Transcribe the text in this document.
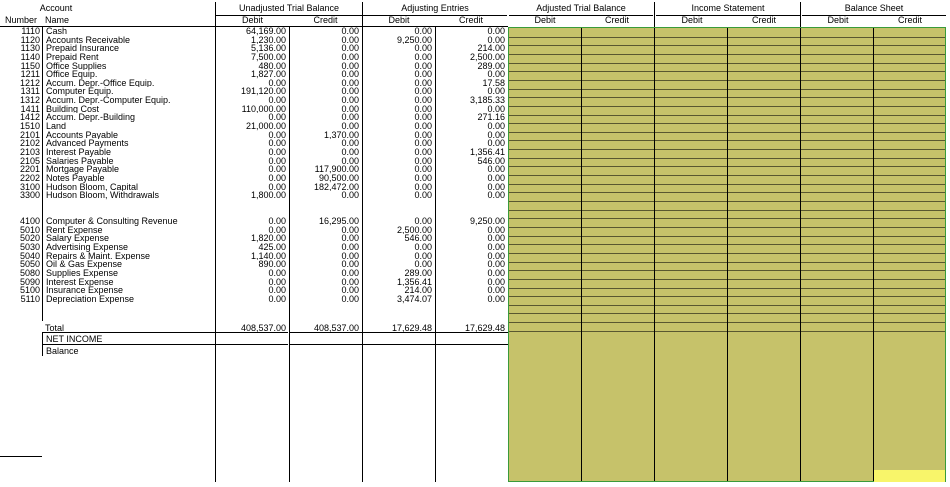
Account	Unadjusted Trial Balance	Adjusting Entries	Adjusted Trial Balance	Income Statement	Balance Sheet
Number Name	Debit	Credit	Debit	Credit	Debit	Credit	Debit	Credit	Debit	Credit
1110 Cash	64,169.00	0.00	0.00	0.00
1120 Accounts Receivable	1,230.00	0.00	9,250.00	0.00
1130 Prepaid Insurance	5,136.00	0.00	0.00	214.00
1140 Prepaid Rent	7,500.00	0.00	0.00	2,500.00
1150 Office Supplies	480.00	0.00	0.00	289.00
1211 Office Equip.	1,827.00	0.00	0.00	0.00
1212 Accum. Depr.-Office Equip.	0.00	0.00	0.00	17.58
1311 Computer Equip.	191,120.00	0.00	0.00	0.00
1312 Accum. Depr.-Computer Equip.	0.00	0.00	0.00	3,185.33
1411 Building Cost	110,000.00	0.00	0.00	0.00
1412 Accum. Depr.-Building	0.00	0.00	0.00	271.16
1510 Land	21,000.00	0.00	0.00	0.00
2101 Accounts Payable	0.00	1,370.00	0.00	0.00
2102 Advanced Payments	0.00	0.00	0.00	0.00
2103 Interest Payable	0.00	0.00	0.00	1,356.41
2105 Salaries Payable	0.00	0.00	0.00	546.00
2201 Mortgage Payable	0.00	117,900.00	0.00	0.00
2202 Notes Payable	0.00	90,500.00	0.00	0.00
3100 Hudson Bloom, Capital	0.00	182,472.00	0.00	0.00
3300 Hudson Bloom, Withdrawals	1,800.00	0.00	0.00	0.00
4100 Computer & Consulting Revenue	0.00	16,295.00	0.00	9,250.00
5010 Rent Expense	0.00	0.00	2,500.00	0.00
5020 Salary Expense	1,820.00	0.00	546.00	0.00
5030 Advertising Expense	425.00	0.00	0.00	0.00
5040 Repairs & Maint. Expense	1,140.00	0.00	0.00	0.00
5050 Oil & Gas Expense	890.00	0.00	0.00	0.00
5080 Supplies Expense	0.00	0.00	289.00	0.00
5090 Interest Expense	0.00	0.00	1,356.41	0.00
5100 Insurance Expense	0.00	0.00	214.00	0.00
5110 Depreciation Expense	0.00	0.00	3,474.07	0.00
Total	408,537.00	408,537.00	17,629.48	17,629.48
NET INCOME
Balance
